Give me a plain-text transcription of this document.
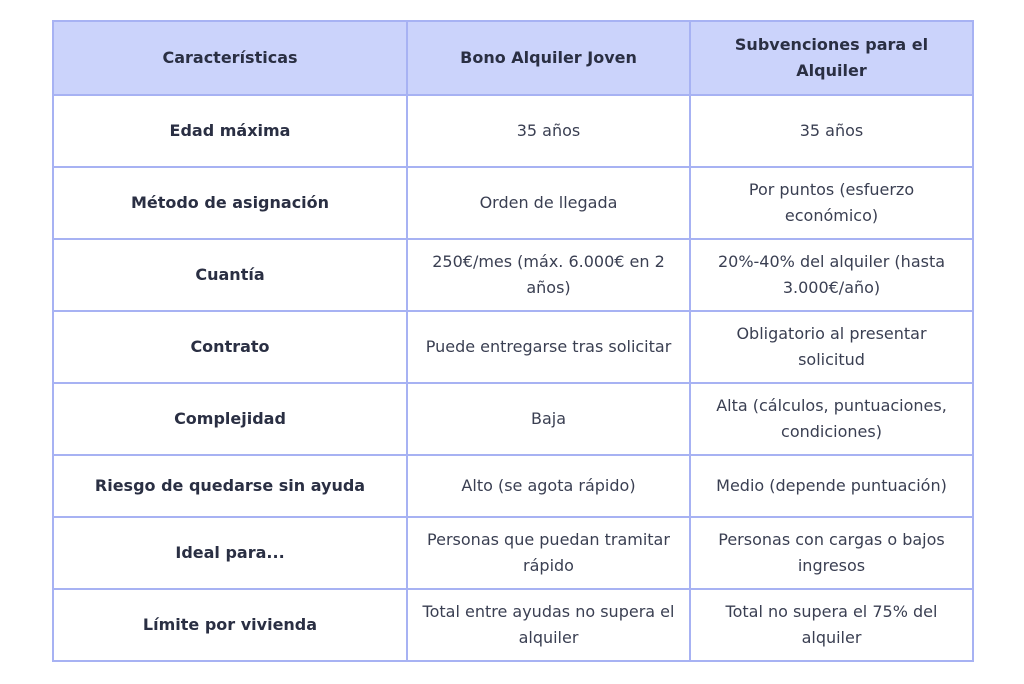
Características	Bono Alquiler Joven	Subvenciones para el Alquiler
Edad máxima	35 años	35 años
Método de asignación	Orden de llegada	Por puntos (esfuerzo económico)
Cuantía	250€/mes (máx. 6.000€ en 2 años)	20%-40% del alquiler (hasta 3.000€/año)
Contrato	Puede entregarse tras solicitar	Obligatorio al presentar solicitud
Complejidad	Baja	Alta (cálculos, puntuaciones, condiciones)
Riesgo de quedarse sin ayuda	Alto (se agota rápido)	Medio (depende puntuación)
Ideal para...	Personas que puedan tramitar rápido	Personas con cargas o bajos ingresos
Límite por vivienda	Total entre ayudas no supera el alquiler	Total no supera el 75% del alquiler
